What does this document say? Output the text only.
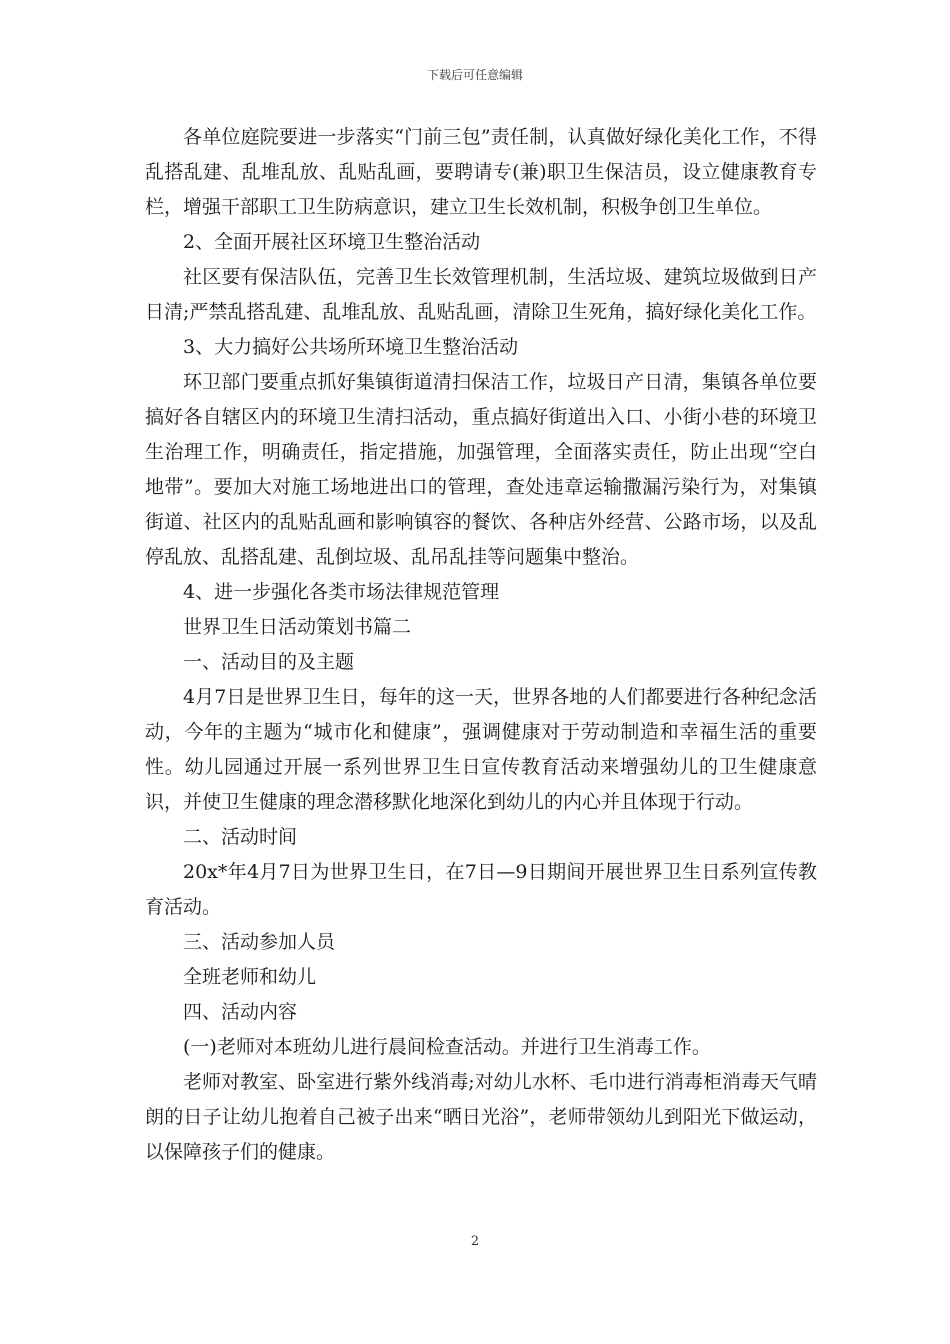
下载后可任意编辑

各单位庭院要进一步落实“门前三包”责任制，认真做好绿化美化工作，不得乱搭乱建、乱堆乱放、乱贴乱画，要聘请专(兼)职卫生保洁员，设立健康教育专栏，增强干部职工卫生防病意识，建立卫生长效机制，积极争创卫生单位。

2、全面开展社区环境卫生整治活动

社区要有保洁队伍，完善卫生长效管理机制，生活垃圾、建筑垃圾做到日产日清;严禁乱搭乱建、乱堆乱放、乱贴乱画，清除卫生死角，搞好绿化美化工作。

3、大力搞好公共场所环境卫生整治活动

环卫部门要重点抓好集镇街道清扫保洁工作，垃圾日产日清，集镇各单位要搞好各自辖区内的环境卫生清扫活动，重点搞好街道出入口、小街小巷的环境卫生治理工作，明确责任，指定措施，加强管理，全面落实责任，防止出现“空白地带”。要加大对施工场地进出口的管理，查处违章运输撒漏污染行为，对集镇街道、社区内的乱贴乱画和影响镇容的餐饮、各种店外经营、公路市场，以及乱停乱放、乱搭乱建、乱倒垃圾、乱吊乱挂等问题集中整治。

4、进一步强化各类市场法律规范管理

世界卫生日活动策划书篇二

一、活动目的及主题

4月7日是世界卫生日，每年的这一天，世界各地的人们都要进行各种纪念活动，今年的主题为“城市化和健康”，强调健康对于劳动制造和幸福生活的重要性。幼儿园通过开展一系列世界卫生日宣传教育活动来增强幼儿的卫生健康意识，并使卫生健康的理念潜移默化地深化到幼儿的内心并且体现于行动。

二、活动时间

20x*年4月7日为世界卫生日，在7日—9日期间开展世界卫生日系列宣传教育活动。

三、活动参加人员

全班老师和幼儿

四、活动内容

(一)老师对本班幼儿进行晨间检查活动。并进行卫生消毒工作。

老师对教室、卧室进行紫外线消毒;对幼儿水杯、毛巾进行消毒柜消毒天气晴朗的日子让幼儿抱着自己被子出来“晒日光浴”，老师带领幼儿到阳光下做运动，以保障孩子们的健康。

2
